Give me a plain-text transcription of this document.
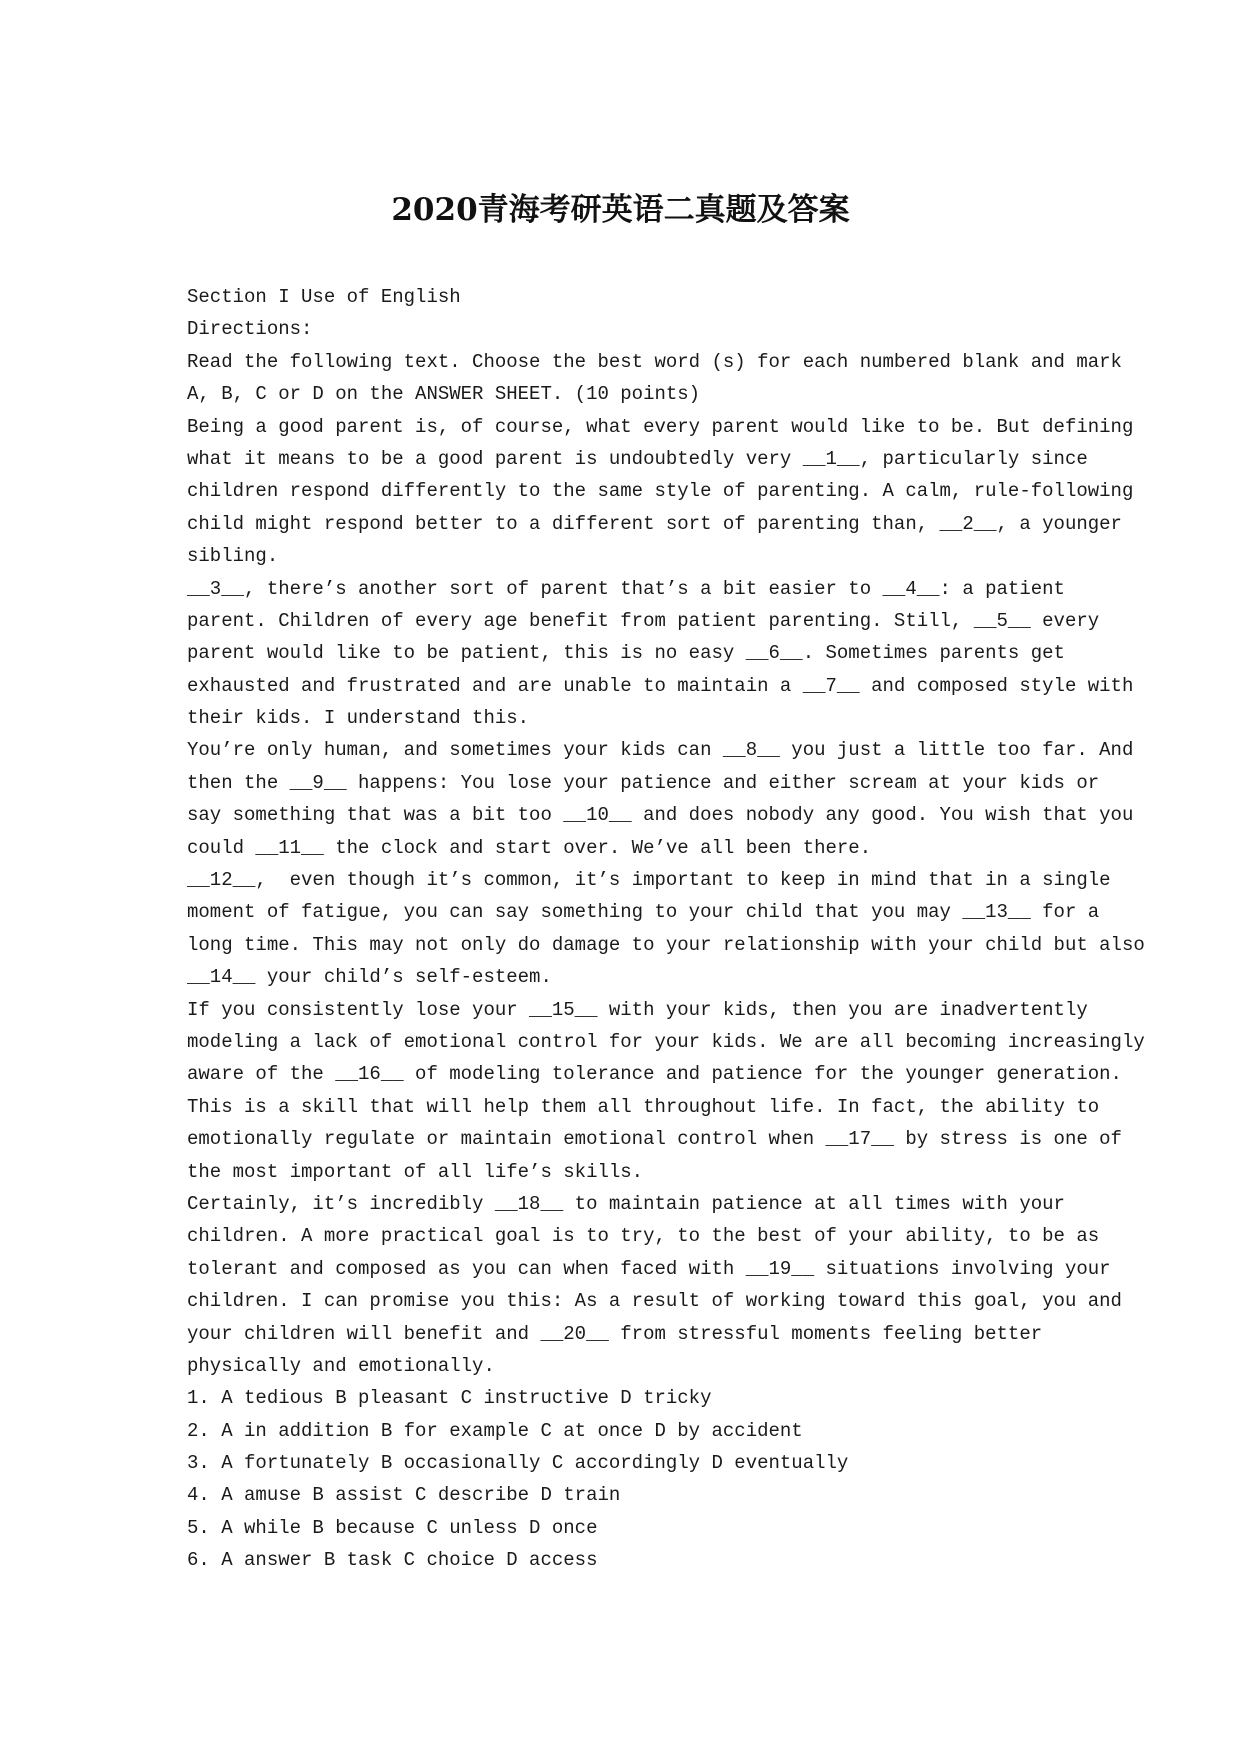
2020青海考研英语二真题及答案
Section I Use of English
Directions:
Read the following text. Choose the best word (s) for each numbered blank and mark
A, B, C or D on the ANSWER SHEET. (10 points)
Being a good parent is, of course, what every parent would like to be. But defining
what it means to be a good parent is undoubtedly very __1__, particularly since
children respond differently to the same style of parenting. A calm, rule-following
child might respond better to a different sort of parenting than, __2__, a younger
sibling.
__3__, there’s another sort of parent that’s a bit easier to __4__: a patient
parent. Children of every age benefit from patient parenting. Still, __5__ every
parent would like to be patient, this is no easy __6__. Sometimes parents get
exhausted and frustrated and are unable to maintain a __7__ and composed style with
their kids. I understand this.
You’re only human, and sometimes your kids can __8__ you just a little too far. And
then the __9__ happens: You lose your patience and either scream at your kids or
say something that was a bit too __10__ and does nobody any good. You wish that you
could __11__ the clock and start over. We’ve all been there.
__12__,  even though it’s common, it’s important to keep in mind that in a single
moment of fatigue, you can say something to your child that you may __13__ for a
long time. This may not only do damage to your relationship with your child but also
__14__ your child’s self-esteem.
If you consistently lose your __15__ with your kids, then you are inadvertently
modeling a lack of emotional control for your kids. We are all becoming increasingly
aware of the __16__ of modeling tolerance and patience for the younger generation.
This is a skill that will help them all throughout life. In fact, the ability to
emotionally regulate or maintain emotional control when __17__ by stress is one of
the most important of all life’s skills.
Certainly, it’s incredibly __18__ to maintain patience at all times with your
children. A more practical goal is to try, to the best of your ability, to be as
tolerant and composed as you can when faced with __19__ situations involving your
children. I can promise you this: As a result of working toward this goal, you and
your children will benefit and __20__ from stressful moments feeling better
physically and emotionally.
1. A tedious B pleasant C instructive D tricky
2. A in addition B for example C at once D by accident
3. A fortunately B occasionally C accordingly D eventually
4. A amuse B assist C describe D train
5. A while B because C unless D once
6. A answer B task C choice D access
